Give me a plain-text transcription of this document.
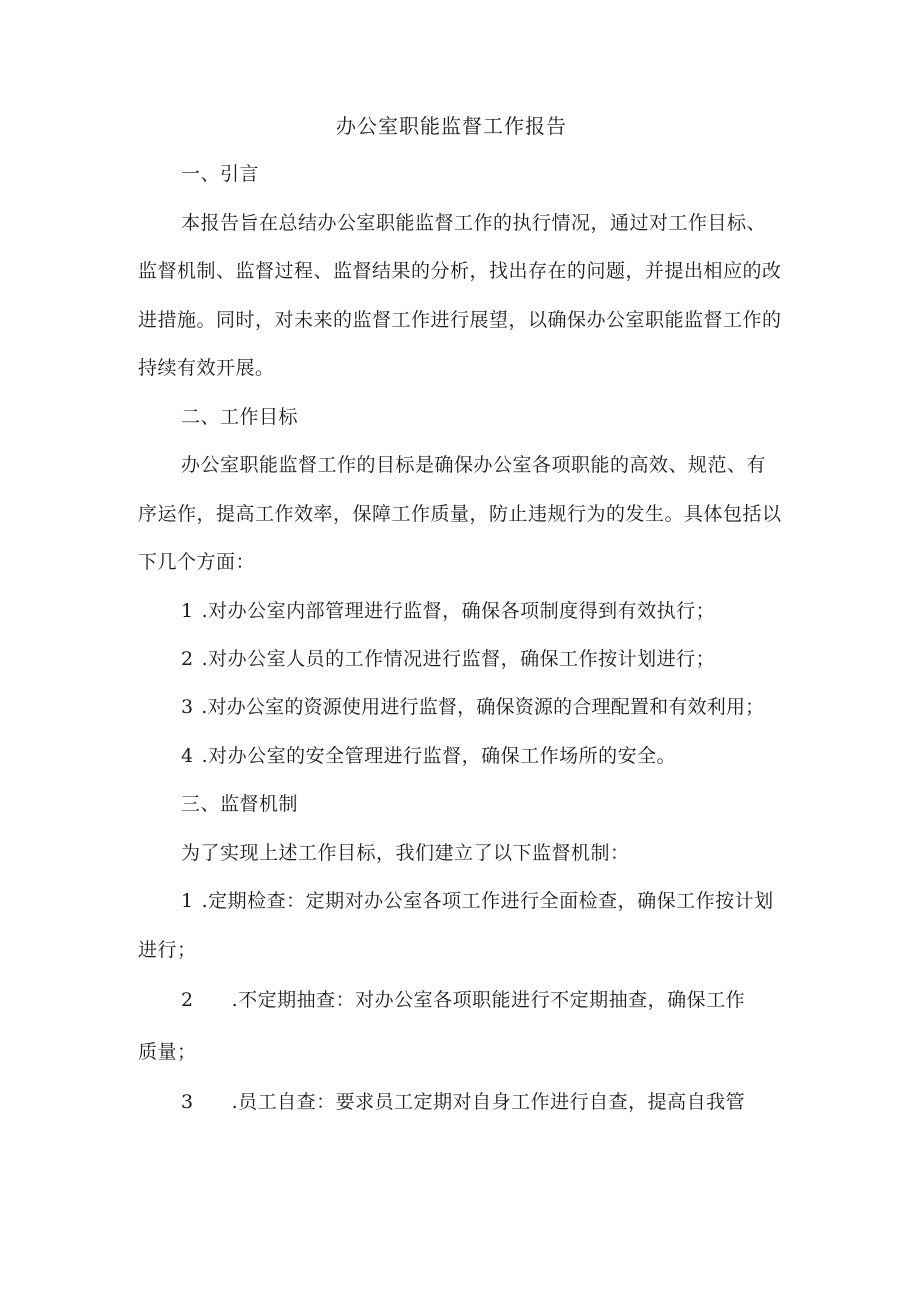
办公室职能监督工作报告
一、引言
本报告旨在总结办公室职能监督工作的执行情况，通过对工作目标、
监督机制、监督过程、监督结果的分析，找出存在的问题，并提出相应的改
进措施。同时，对未来的监督工作进行展望，以确保办公室职能监督工作的
持续有效开展。
二、工作目标
办公室职能监督工作的目标是确保办公室各项职能的高效、规范、有
序运作，提高工作效率，保障工作质量，防止违规行为的发生。具体包括以
下几个方面：
1 .对办公室内部管理进行监督，确保各项制度得到有效执行；
2 .对办公室人员的工作情况进行监督，确保工作按计划进行；
3 .对办公室的资源使用进行监督，确保资源的合理配置和有效利用；
4 .对办公室的安全管理进行监督，确保工作场所的安全。
三、监督机制
为了实现上述工作目标，我们建立了以下监督机制：
1 .定期检查：定期对办公室各项工作进行全面检查，确保工作按计划
进行；
2 .不定期抽查：对办公室各项职能进行不定期抽查，确保工作
质量；
3 .员工自查：要求员工定期对自身工作进行自查，提高自我管
